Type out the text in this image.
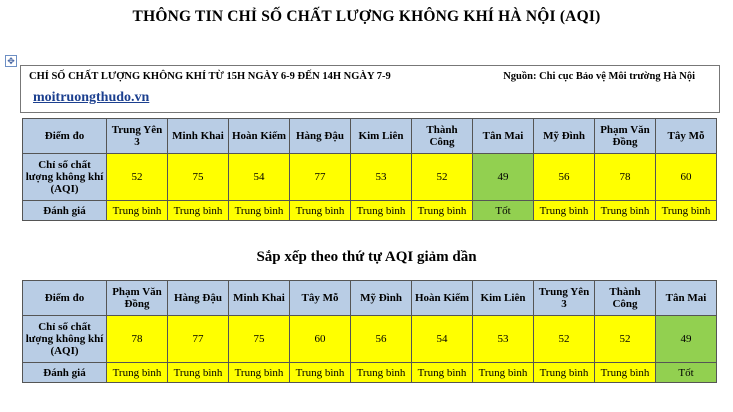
THÔNG TIN CHỈ SỐ CHẤT LƯỢNG KHÔNG KHÍ HÀ NỘI (AQI)
✥
CHỈ SỐ CHẤT LƯỢNG KHÔNG KHÍ TỪ 15H NGÀY 6-9 ĐẾN 14H NGÀY 7-9	Nguồn: Chi cục Bảo vệ Môi trường Hà Nội
moitruongthudo.vn
Điểm đo	Trung Yên 3	Minh Khai	Hoàn Kiếm	Hàng Đậu	Kim Liên	Thành Công	Tân Mai	Mỹ Đình	Phạm Văn Đồng	Tây Mỗ
Chỉ số chất lượng không khí (AQI)	52	75	54	77	53	52	49	56	78	60
Đánh giá	Trung bình	Trung bình	Trung bình	Trung bình	Trung bình	Trung bình	Tốt	Trung bình	Trung bình	Trung bình
Sắp xếp theo thứ tự AQI giảm dần
Điểm đo	Phạm Văn Đồng	Hàng Đậu	Minh Khai	Tây Mỗ	Mỹ Đình	Hoàn Kiếm	Kim Liên	Trung Yên 3	Thành Công	Tân Mai
Chỉ số chất lượng không khí (AQI)	78	77	75	60	56	54	53	52	52	49
Đánh giá	Trung bình	Trung bình	Trung bình	Trung bình	Trung bình	Trung bình	Trung bình	Trung bình	Trung bình	Tốt
